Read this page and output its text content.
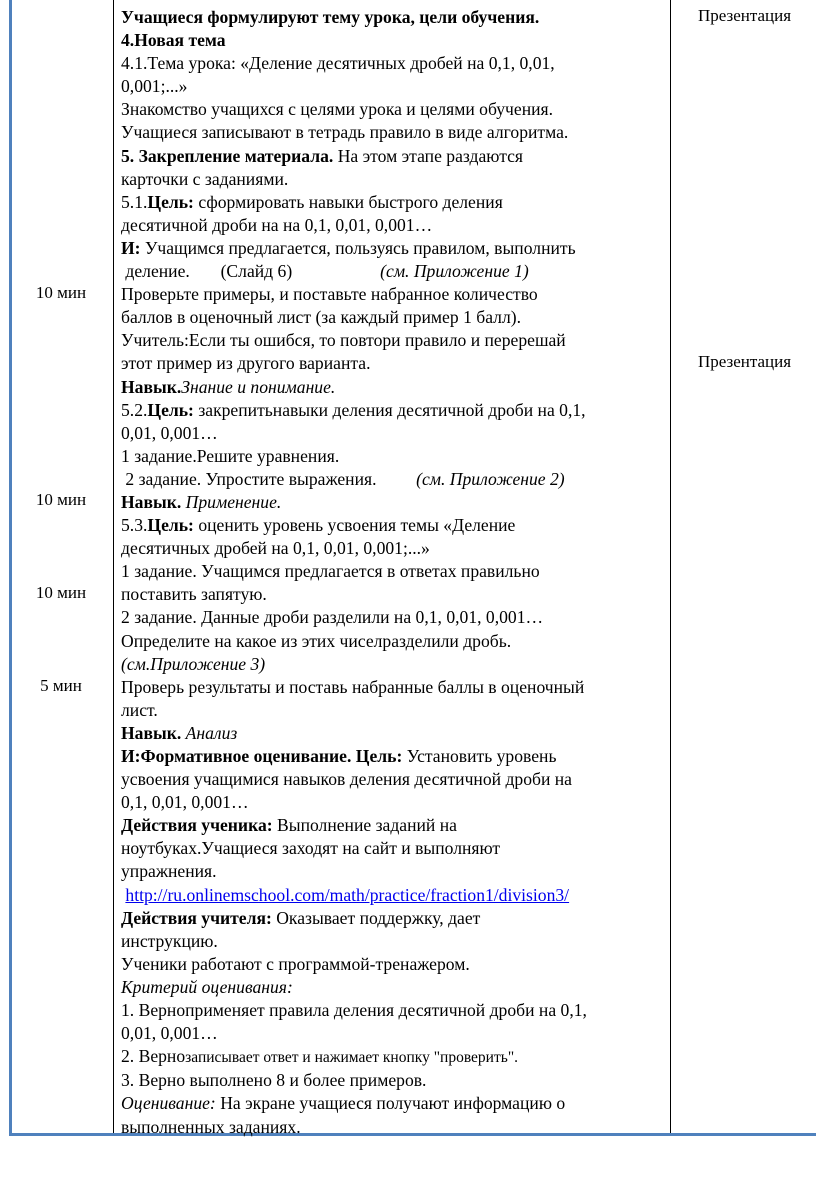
10 мин
10 мин
10 мин
5 мин
Презентация
Презентация
Учащиеся формулируют тему урока, цели обучения.
4.Новая тема
4.1.Тема урока: «Деление десятичных дробей на 0,1, 0,01,
0,001;...»
Знакомство учащихся с целями урока и целями обучения.
Учащиеся записывают в тетрадь правило в виде алгоритма.
5. Закрепление материала. На этом этапе раздаются
карточки с заданиями.
5.1.Цель: сформировать навыки быстрого деления
десятичной дроби на на 0,1, 0,01, 0,001…
И: Учащимся предлагается, пользуясь правилом, выполнить
деление.       (Слайд 6)                    (см. Приложение 1)
Проверьте примеры, и поставьте набранное количество
баллов в оценочный лист (за каждый пример 1 балл).
Учитель:Если ты ошибся, то повтори правило и перерешай
этот пример из другого варианта.
Навык.Знание и понимание.
5.2.Цель: закрепитьнавыки деления десятичной дроби на 0,1,
0,01, 0,001…
1 задание.Решите уравнения.
2 задание. Упростите выражения.         (см. Приложение 2)
Навык. Применение.
5.3.Цель: оценить уровень усвоения темы «Деление
десятичных дробей на 0,1, 0,01, 0,001;...»
1 задание. Учащимся предлагается в ответах правильно
поставить запятую.
2 задание. Данные дроби разделили на 0,1, 0,01, 0,001…
Определите на какое из этих чиселразделили дробь.
(см.Приложение 3)
Проверь результаты и поставь набранные баллы в оценочный
лист.
Навык. Анализ
И:Формативное оценивание. Цель: Установить уровень
усвоения учащимися навыков деления десятичной дроби на
0,1, 0,01, 0,001…
Действия ученика: Выполнение заданий на
ноутбуках.Учащиеся заходят на сайт и выполняют
упражнения.
http://ru.onlinemschool.com/math/practice/fraction1/division3/
Действия учителя: Оказывает поддержку, дает
инструкцию.
Ученики работают с программой-тренажером.
Критерий оценивания:
1. Верноприменяет правила деления десятичной дроби на 0,1,
0,01, 0,001…
2. Вернозаписывает ответ и нажимает кнопку "проверить".
3. Верно выполнено 8 и более примеров.
Оценивание: На экране учащиеся получают информацию о
выполненных заданиях.
